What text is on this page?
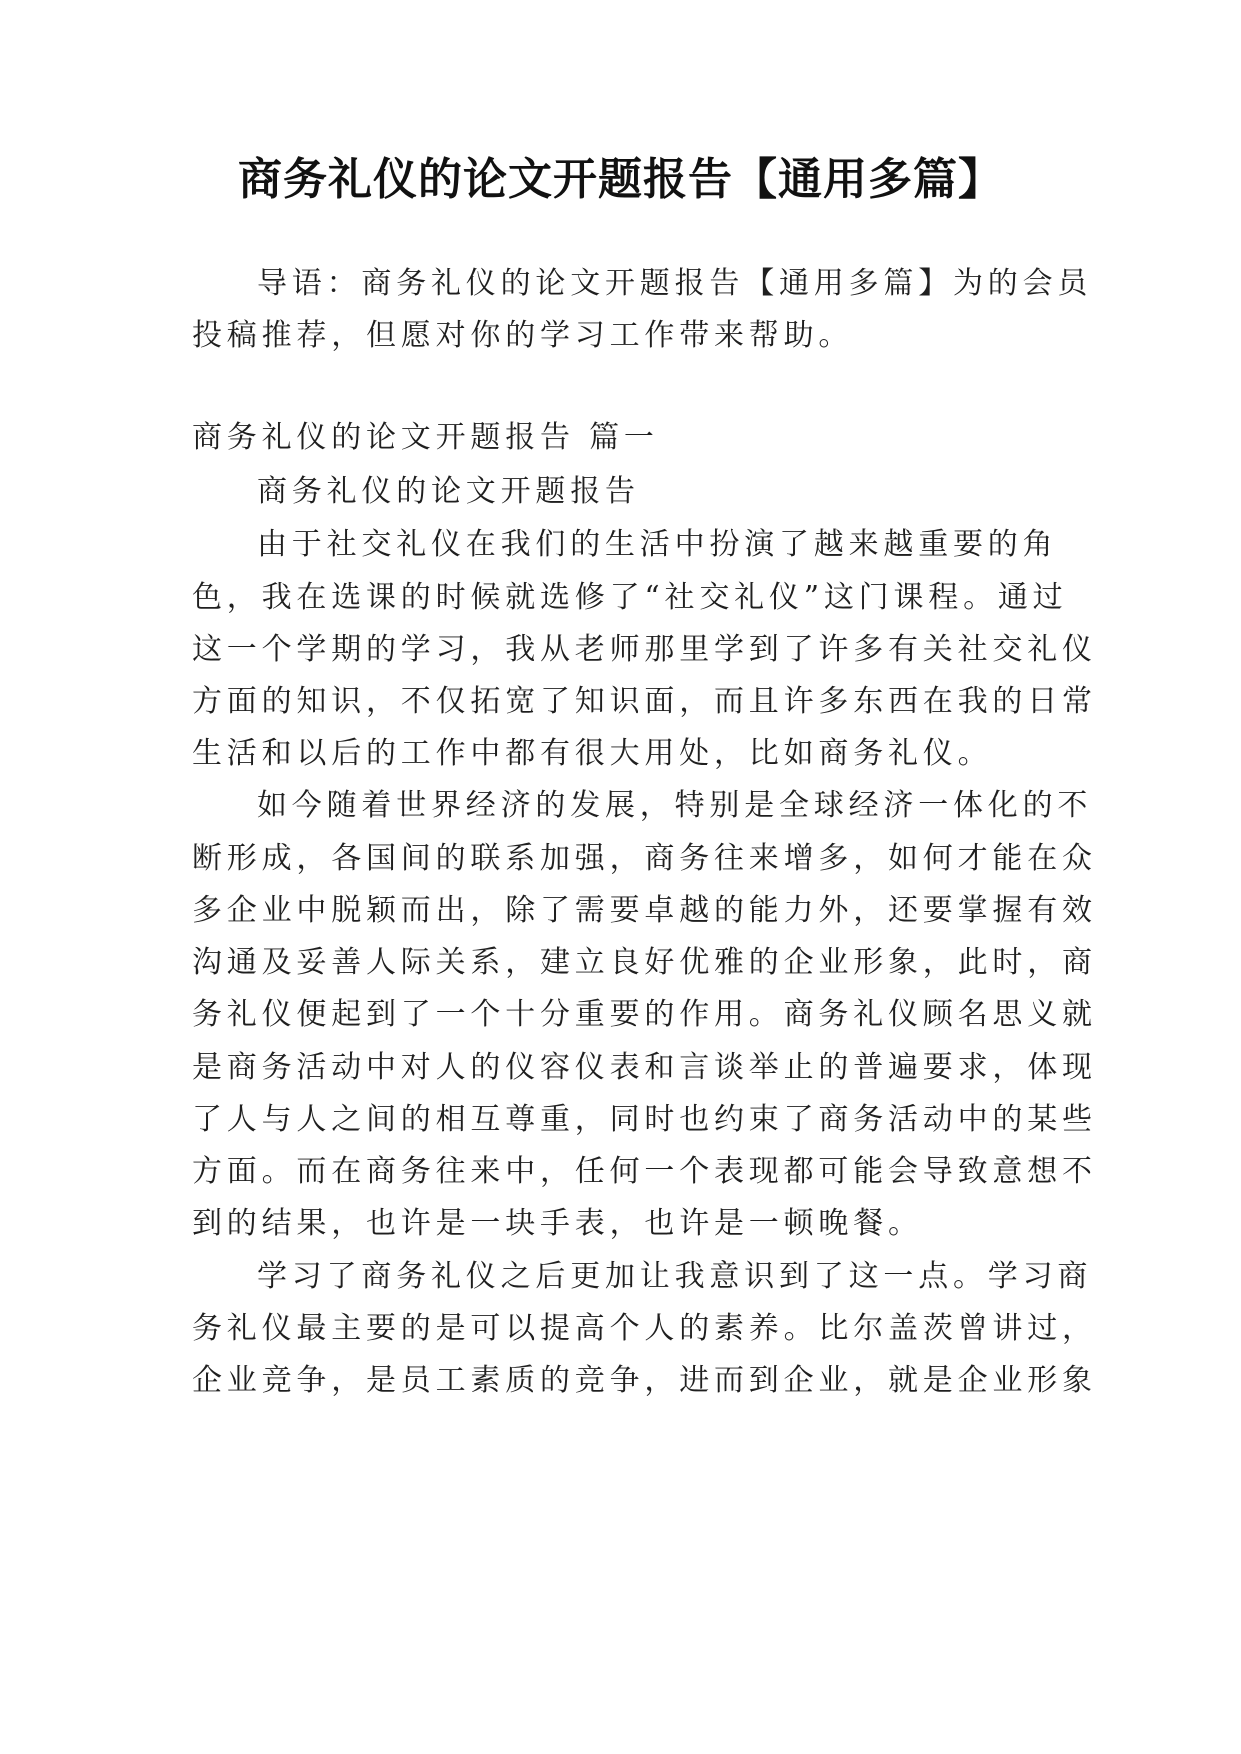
商务礼仪的论文开题报告【通用多篇】
导语：商务礼仪的论文开题报告【通用多篇】为的会员
投稿推荐，但愿对你的学习工作带来帮助。
商务礼仪的论文开题报告 篇一
商务礼仪的论文开题报告
由于社交礼仪在我们的生活中扮演了越来越重要的角
色，我在选课的时候就选修了“社交礼仪”这门课程。通过
这一个学期的学习，我从老师那里学到了许多有关社交礼仪
方面的知识，不仅拓宽了知识面，而且许多东西在我的日常
生活和以后的工作中都有很大用处，比如商务礼仪。
如今随着世界经济的发展，特别是全球经济一体化的不
断形成，各国间的联系加强，商务往来增多，如何才能在众
多企业中脱颖而出，除了需要卓越的能力外，还要掌握有效
沟通及妥善人际关系，建立良好优雅的企业形象，此时，商
务礼仪便起到了一个十分重要的作用。商务礼仪顾名思义就
是商务活动中对人的仪容仪表和言谈举止的普遍要求，体现
了人与人之间的相互尊重，同时也约束了商务活动中的某些
方面。而在商务往来中，任何一个表现都可能会导致意想不
到的结果，也许是一块手表，也许是一顿晚餐。
学习了商务礼仪之后更加让我意识到了这一点。学习商
务礼仪最主要的是可以提高个人的素养。比尔盖茨曾讲过，
企业竞争，是员工素质的竞争，进而到企业，就是企业形象
